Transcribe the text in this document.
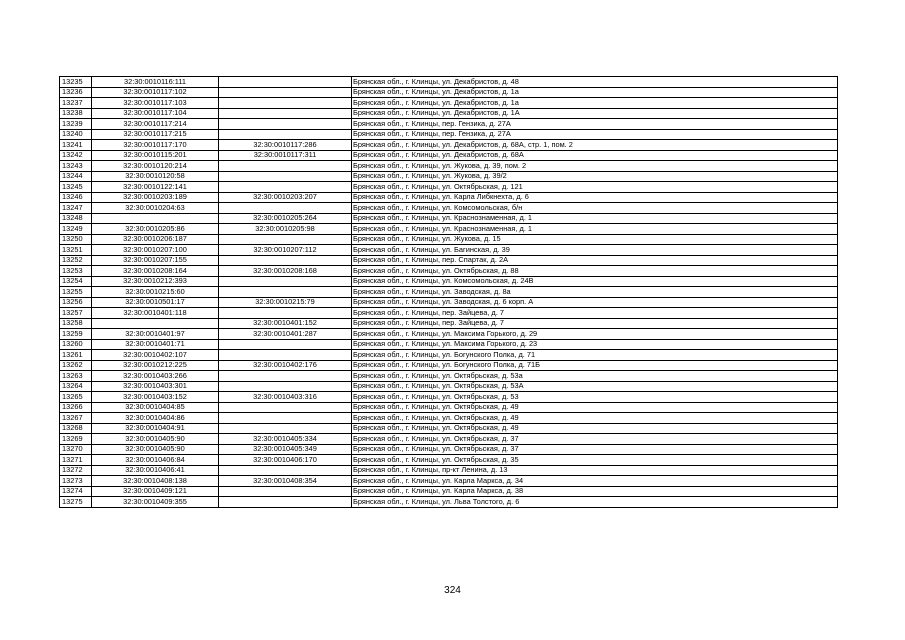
13235	32:30:0010116:111		Брянская обл., г. Клинцы, ул. Декабристов, д. 48
13236	32:30:0010117:102		Брянская обл., г. Клинцы, ул. Декабристов, д. 1а
13237	32:30:0010117:103		Брянская обл., г. Клинцы, ул. Декабристов, д. 1а
13238	32:30:0010117:104		Брянская обл., г. Клинцы, ул. Декабристов, д. 1А
13239	32:30:0010117:214		Брянская обл., г. Клинцы, пер. Гензика, д. 27А
13240	32:30:0010117:215		Брянская обл., г. Клинцы, пер. Гензика, д. 27А
13241	32:30:0010117:170	32:30:0010117:286	Брянская обл., г. Клинцы, ул. Декабристов, д. 68А, стр. 1, пом. 2
13242	32:30:0010115:201	32:30:0010117:311	Брянская обл., г. Клинцы, ул. Декабристов, д. 68А
13243	32:30:0010120:214		Брянская обл., г. Клинцы, ул. Жукова, д. 39, пом. 2
13244	32:30:0010120:58		Брянская обл., г. Клинцы, ул. Жукова, д. 39/2
13245	32:30:0010122:141		Брянская обл., г. Клинцы, ул. Октябрьская, д. 121
13246	32:30:0010203:189	32:30:0010203:207	Брянская обл., г. Клинцы, ул. Карла Либкнехта, д. 6
13247	32:30:0010204:63		Брянская обл., г. Клинцы, ул. Комсомольская, б/н
13248		32:30:0010205:264	Брянская обл., г. Клинцы, ул. Краснознаменная, д. 1
13249	32:30:0010205:86	32:30:0010205:98	Брянская обл., г. Клинцы, ул. Краснознаменная, д. 1
13250	32:30:0010206:187		Брянская обл., г. Клинцы, ул. Жукова, д. 15
13251	32:30:0010207:100	32:30:0010207:112	Брянская обл., г. Клинцы, ул. Багинская, д. 39
13252	32:30:0010207:155		Брянская обл., г. Клинцы, пер. Спартак, д. 2А
13253	32:30:0010208:164	32:30:0010208:168	Брянская обл., г. Клинцы, ул. Октябрьская, д. 88
13254	32:30:0010212:393		Брянская обл., г. Клинцы, ул. Комсомольская, д. 24В
13255	32:30:0010215:60		Брянская обл., г. Клинцы, ул. Заводская, д. 8а
13256	32:30:0010501:17	32:30:0010215:79	Брянская обл., г. Клинцы, ул. Заводская, д. 6 корп. А
13257	32:30:0010401:118		Брянская обл., г. Клинцы, пер. Зайцева, д. 7
13258		32:30:0010401:152	Брянская обл., г. Клинцы, пер. Зайцева, д. 7
13259	32:30:0010401:97	32:30:0010401:287	Брянская обл., г. Клинцы, ул. Максима Горького, д. 29
13260	32:30:0010401:71		Брянская обл., г. Клинцы, ул. Максима Горького, д. 23
13261	32:30:0010402:107		Брянская обл., г. Клинцы, ул. Богунского Полка, д. 71
13262	32:30:0010212:225	32:30:0010402:176	Брянская обл., г. Клинцы, ул. Богунского Полка, д. 71Б
13263	32:30:0010403:266		Брянская обл., г. Клинцы, ул. Октябрьская, д. 53а
13264	32:30:0010403:301		Брянская обл., г. Клинцы, ул. Октябрьская, д. 53А
13265	32:30:0010403:152	32:30:0010403:316	Брянская обл., г. Клинцы, ул. Октябрьская, д. 53
13266	32:30:0010404:85		Брянская обл., г. Клинцы, ул. Октябрьская, д. 49
13267	32:30:0010404:86		Брянская обл., г. Клинцы, ул. Октябрьская, д. 49
13268	32:30:0010404:91		Брянская обл., г. Клинцы, ул. Октябрьская, д. 49
13269	32:30:0010405:90	32:30:0010405:334	Брянская обл., г. Клинцы, ул. Октябрьская, д. 37
13270	32:30:0010405:90	32:30:0010405:349	Брянская обл., г. Клинцы, ул. Октябрьская, д. 37
13271	32:30:0010406:84	32:30:0010406:170	Брянская обл., г. Клинцы, ул. Октябрьская, д. 35
13272	32:30:0010406:41		Брянская обл., г. Клинцы, пр-кт Ленина, д. 13
13273	32:30:0010408:138	32:30:0010408:354	Брянская обл., г. Клинцы, ул. Карла Маркса, д. 34
13274	32:30:0010409:121		Брянская обл., г. Клинцы, ул. Карла Маркса, д. 38
13275	32:30:0010409:355		Брянская обл., г. Клинцы, ул. Льва Толстого, д. 6
324
